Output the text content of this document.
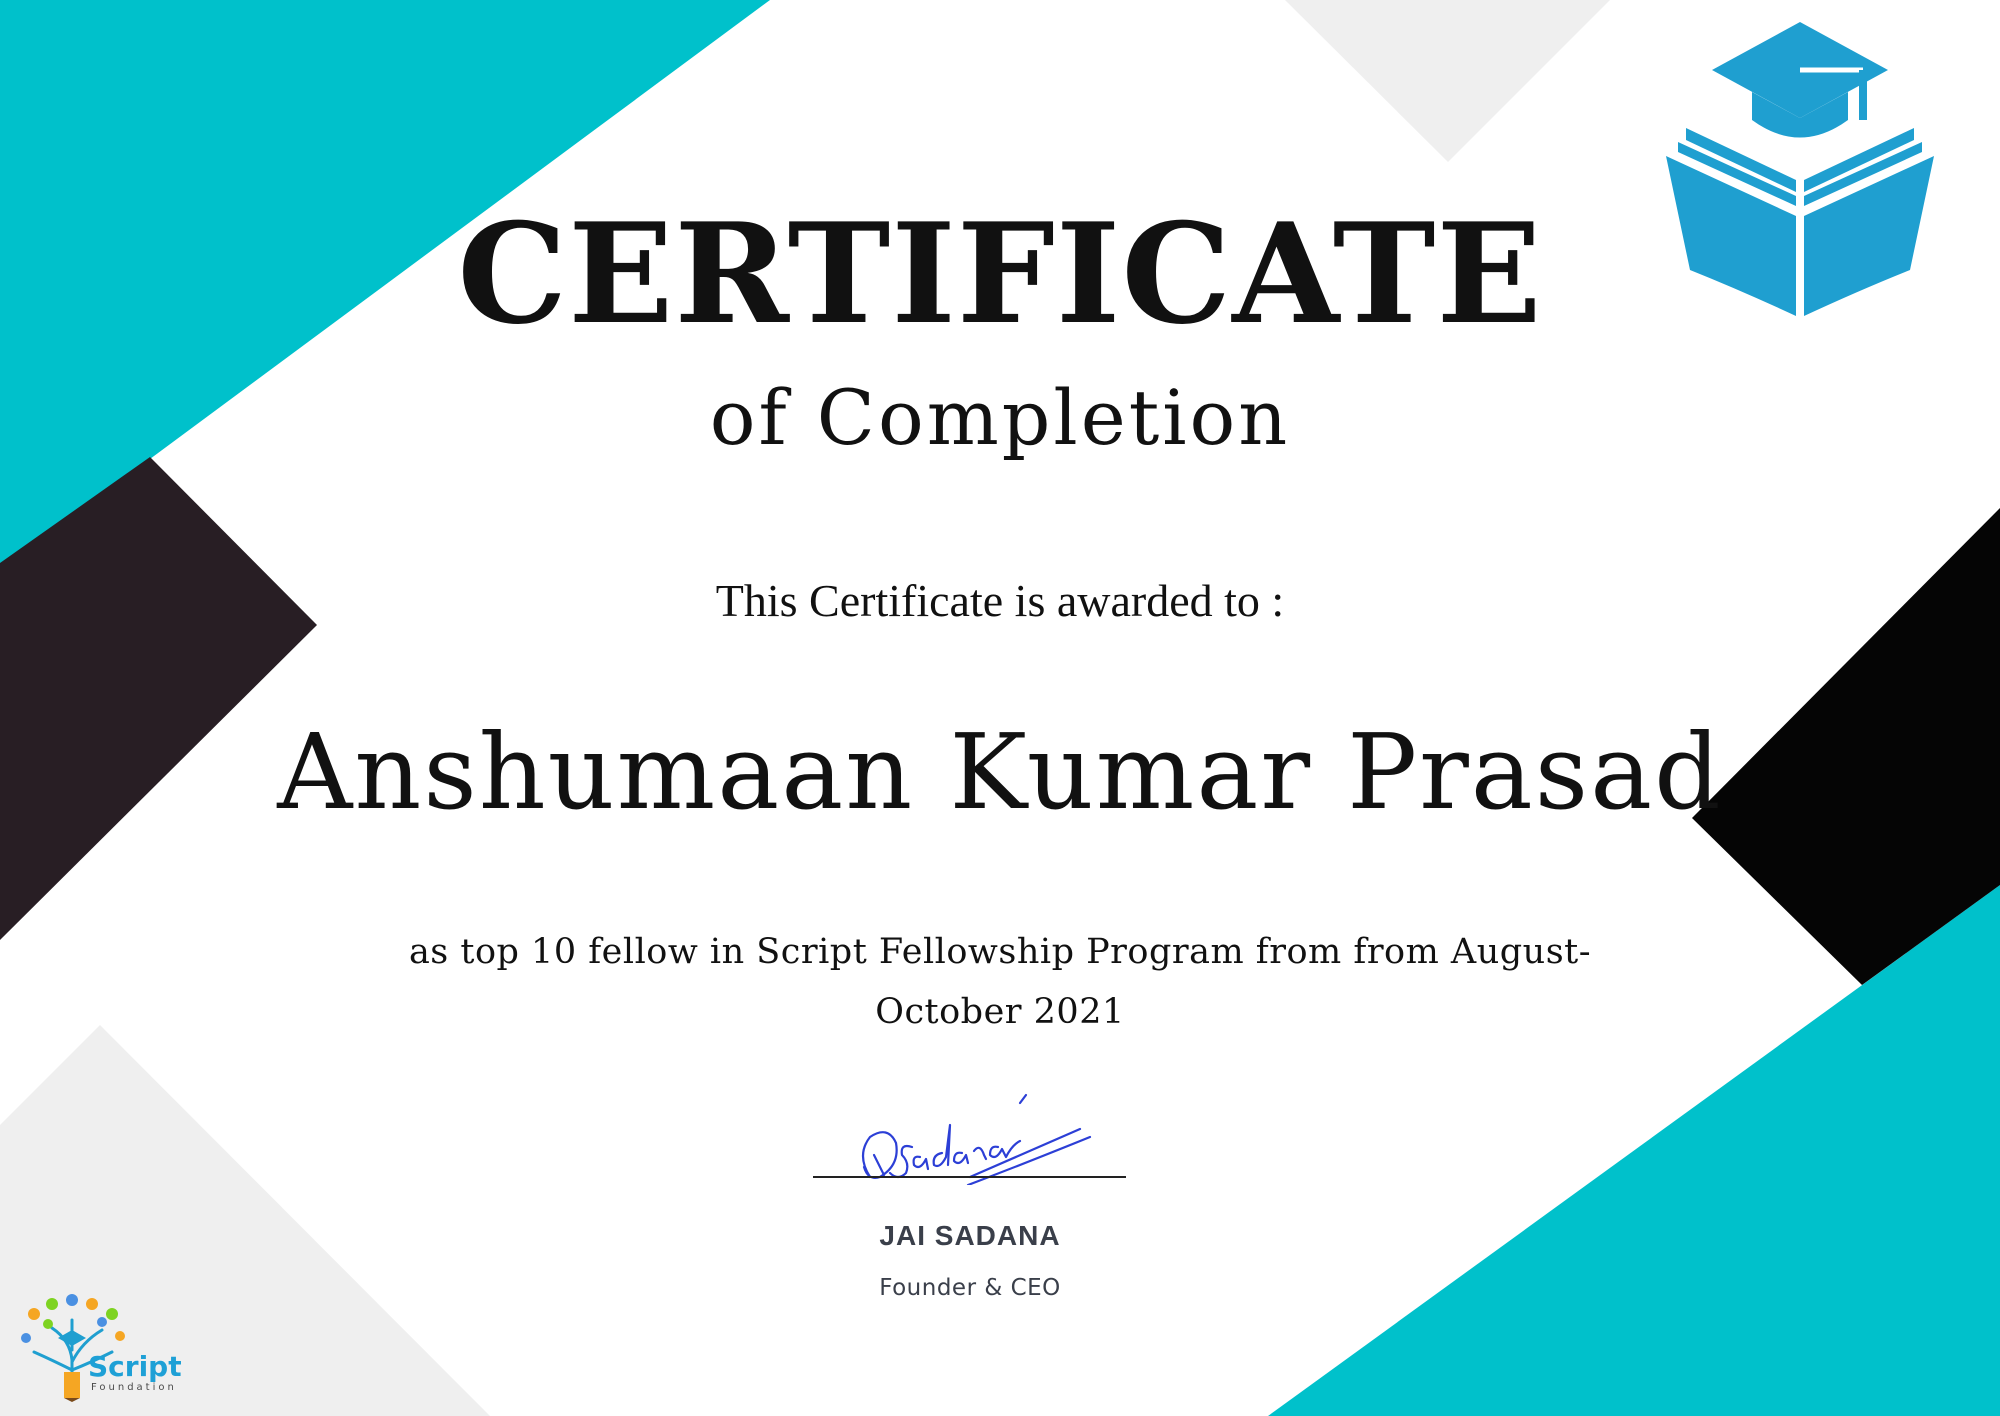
CERTIFICATE
of Completion
This Certificate is awarded to :
Anshumaan Kumar Prasad
as top 10 fellow in Script Fellowship Program from from August-October 2021
JAI SADANA
Founder & CEO
Script
Foundation
